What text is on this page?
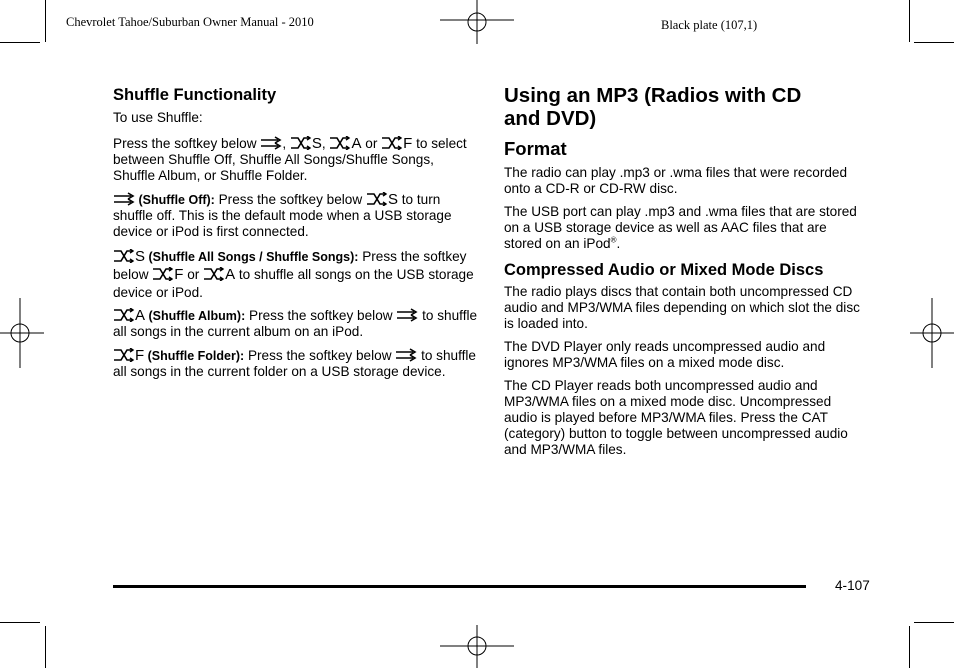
Chevrolet Tahoe/Suburban Owner Manual - 2010	Black plate (107,1)
Shuffle Functionality

To use Shuffle:

Press the softkey below
,
S,
A or
F to select between Shuffle Off, Shuffle All Songs/Shuffle Songs, Shuffle Album, or Shuffle Folder.

(Shuffle Off): Press the softkey below
S to turn shuffle off. This is the default mode when a USB storage device or iPod is first connected.

S (Shuffle All Songs / Shuffle Songs): Press the softkey below
F or
A to shuffle all songs on the USB storage device or iPod.

A (Shuffle Album): Press the softkey below
to shuffle all songs in the current album on an iPod.

F (Shuffle Folder): Press the softkey below
to shuffle all songs in the current folder on a USB storage device.

Using an MP3 (Radios with CD and DVD)
Format

The radio can play .mp3 or .wma files that were recorded onto a CD-R or CD-RW disc.

The USB port can play .mp3 and .wma files that are stored on a USB storage device as well as AAC files that are stored on an iPod®.

Compressed Audio or Mixed Mode Discs

The radio plays discs that contain both uncompressed CD audio and MP3/WMA files depending on which slot the disc is loaded into.

The DVD Player only reads uncompressed audio and ignores MP3/WMA files on a mixed mode disc.

The CD Player reads both uncompressed audio and MP3/WMA files on a mixed mode disc. Uncompressed audio is played before MP3/WMA files. Press the CAT (category) button to toggle between uncompressed audio and MP3/WMA files.

4-107
